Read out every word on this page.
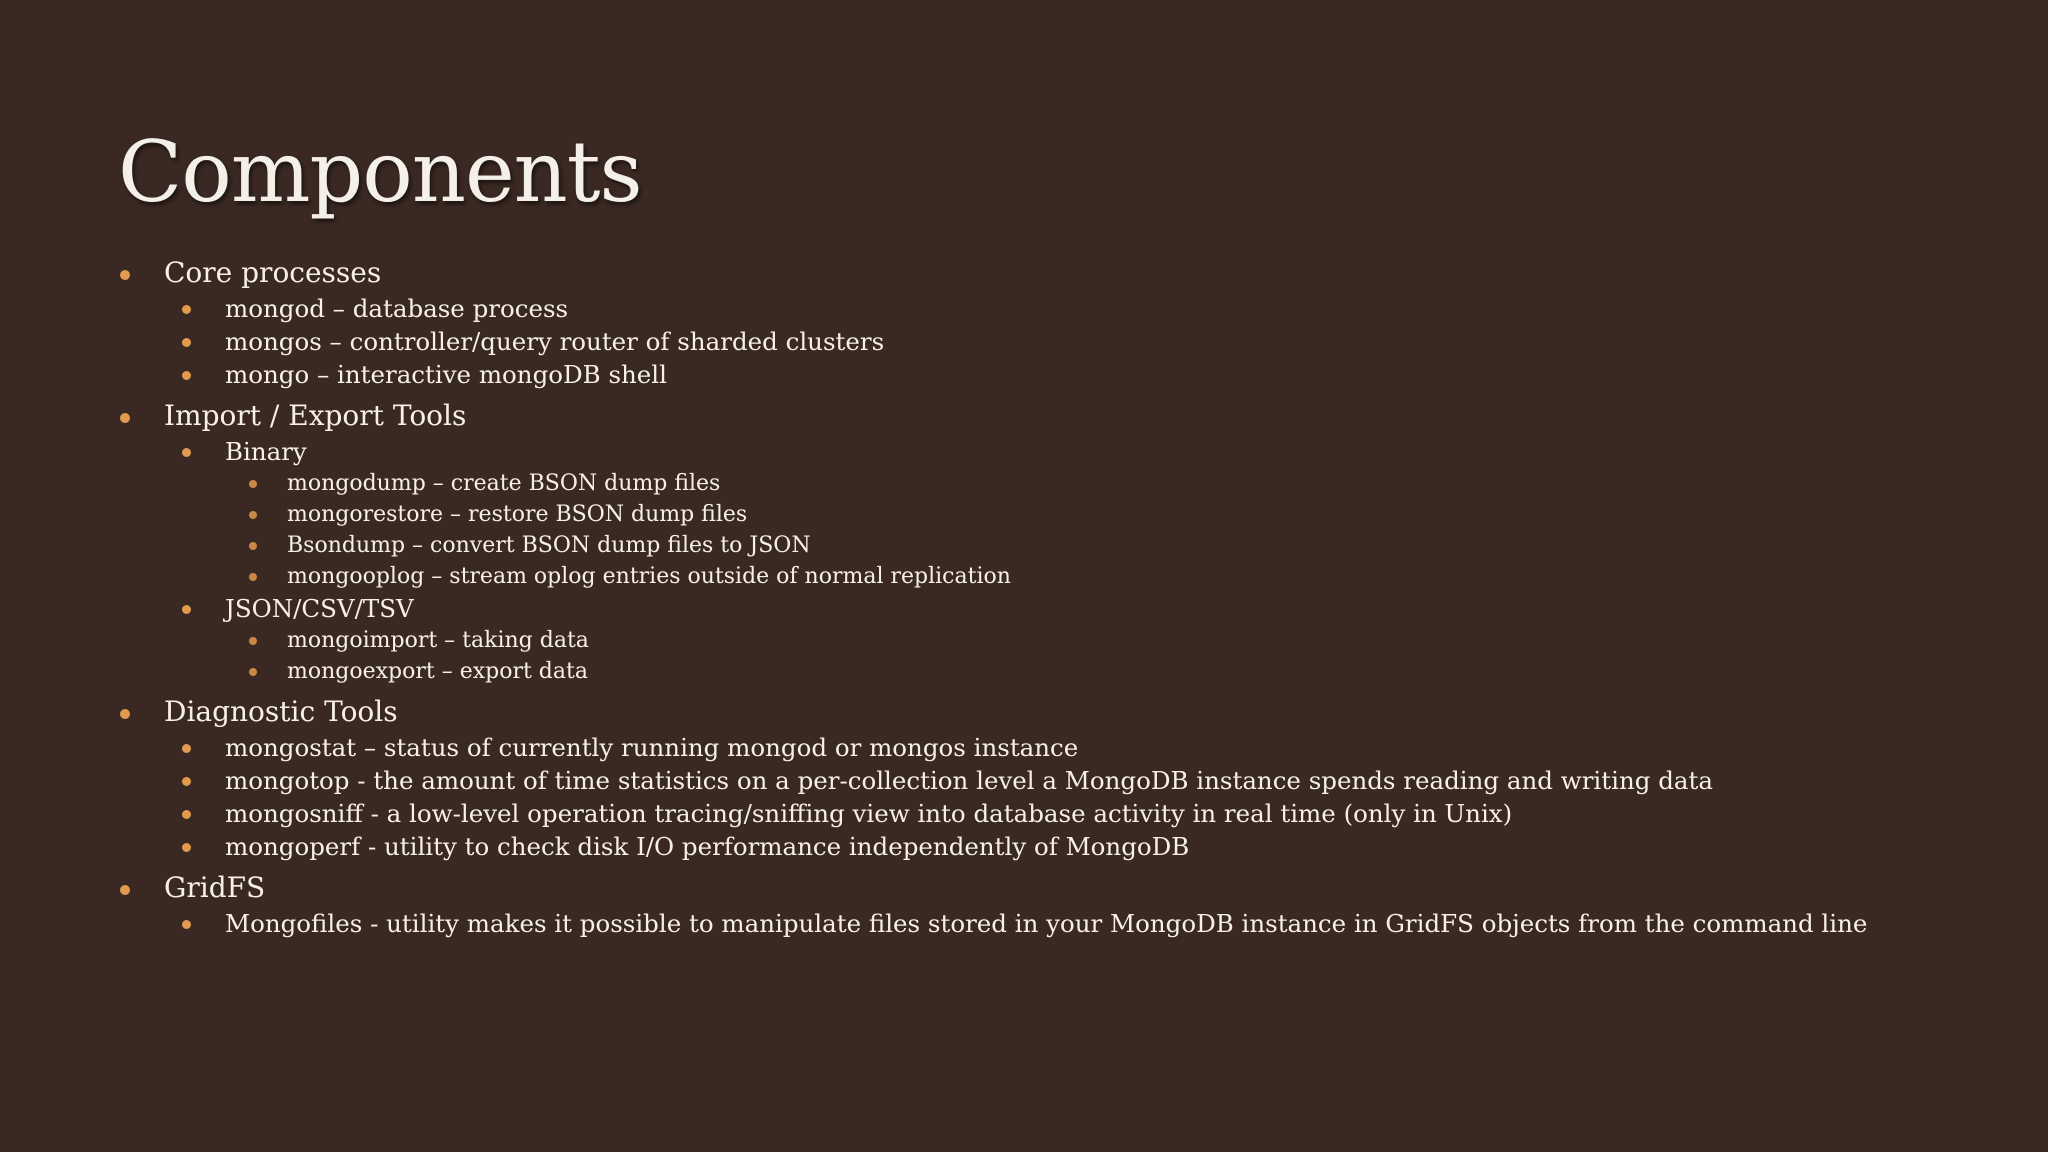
Components
Core processes
mongod – database process
mongos – controller/query router of sharded clusters
mongo – interactive mongoDB shell
Import / Export Tools
Binary
mongodump – create BSON dump files
mongorestore – restore BSON dump files
Bsondump – convert BSON dump files to JSON
mongooplog – stream oplog entries outside of normal replication
JSON/CSV/TSV
mongoimport – taking data
mongoexport – export data
Diagnostic Tools
mongostat – status of currently running mongod or mongos instance
mongotop - the amount of time statistics on a per-collection level a MongoDB instance spends reading and writing data
mongosniff - a low-level operation tracing/sniffing view into database activity in real time (only in Unix)
mongoperf - utility to check disk I/O performance independently of MongoDB
GridFS
Mongofiles - utility makes it possible to manipulate files stored in your MongoDB instance in GridFS objects from the command line
